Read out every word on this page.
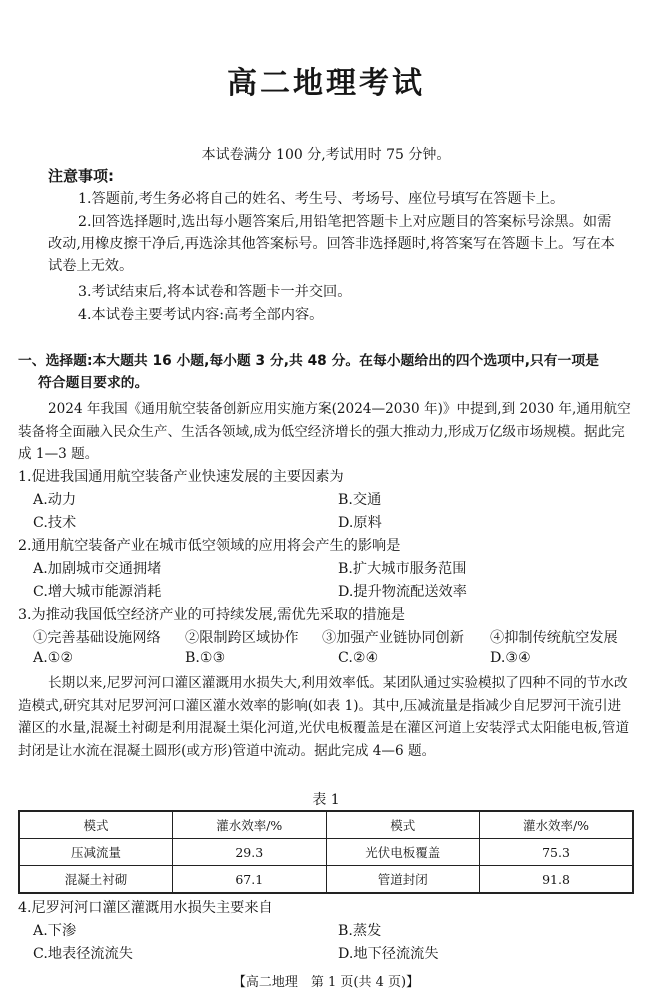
高二地理考试
本试卷满分 100 分,考试用时 75 分钟。
注意事项:
1.答题前,考生务必将自己的姓名、考生号、考场号、座位号填写在答题卡上。
2.回答选择题时,选出每小题答案后,用铅笔把答题卡上对应题目的答案标号涂黑。如需改动,用橡皮擦干净后,再选涂其他答案标号。回答非选择题时,将答案写在答题卡上。写在本试卷上无效。
3.考试结束后,将本试卷和答题卡一并交回。
4.本试卷主要考试内容:高考全部内容。
一、选择题:本大题共 16 小题,每小题 3 分,共 48 分。在每小题给出的四个选项中,只有一项是
符合题目要求的。
2024 年我国《通用航空装备创新应用实施方案(2024—2030 年)》中提到,到 2030 年,通用航空装备将全面融入民众生产、生活各领域,成为低空经济增长的强大推动力,形成万亿级市场规模。据此完成 1—3 题。
1.促进我国通用航空装备产业快速发展的主要因素为
A.动力	B.交通
C.技术	D.原料
2.通用航空装备产业在城市低空领域的应用将会产生的影响是
A.加剧城市交通拥堵	B.扩大城市服务范围
C.增大城市能源消耗	D.提升物流配送效率
3.为推动我国低空经济产业的可持续发展,需优先采取的措施是
①完善基础设施网络 ②限制跨区域协作 ③加强产业链协同创新 ④抑制传统航空发展
A.①②	B.①③	C.②④	D.③④
长期以来,尼罗河河口灌区灌溉用水损失大,利用效率低。某团队通过实验模拟了四种不同的节水改造模式,研究其对尼罗河河口灌区灌水效率的影响(如表 1)。其中,压减流量是指减少自尼罗河干流引进灌区的水量,混凝土衬砌是利用混凝土渠化河道,光伏电板覆盖是在灌区河道上安装浮式太阳能电板,管道封闭是让水流在混凝土圆形(或方形)管道中流动。据此完成 4—6 题。
表 1
模式	灌水效率/%	模式	灌水效率/%
压减流量	29.3	光伏电板覆盖	75.3
混凝土衬砌	67.1	管道封闭	91.8
4.尼罗河河口灌区灌溉用水损失主要来自
A.下渗	B.蒸发
C.地表径流流失	D.地下径流流失
【高二地理　第 1 页(共 4 页)】
